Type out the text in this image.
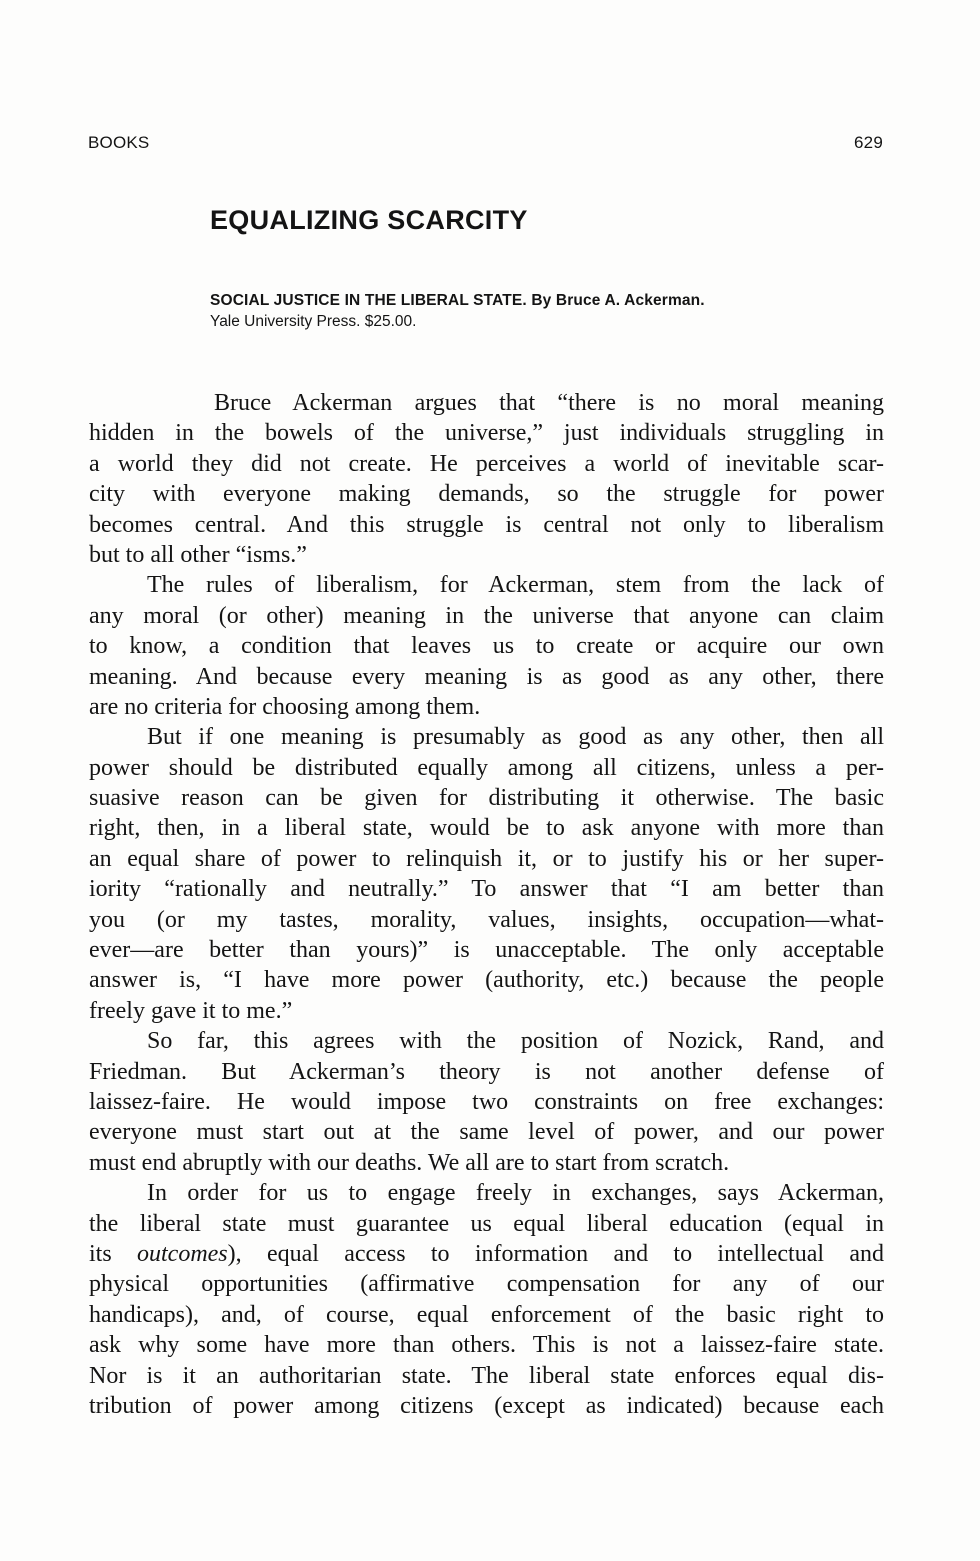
BOOKS	629
EQUALIZING SCARCITY
SOCIAL JUSTICE IN THE LIBERAL STATE. By Bruce A. Ackerman.
Yale University Press. $25.00.
Bruce Ackerman argues that “there is no moral meaning
hidden in the bowels of the universe,” just individuals struggling in
a world they did not create. He perceives a world of inevitable scar-
city with everyone making demands, so the struggle for power
becomes central. And this struggle is central not only to liberalism
but to all other “isms.”
The rules of liberalism, for Ackerman, stem from the lack of
any moral (or other) meaning in the universe that anyone can claim
to know, a condition that leaves us to create or acquire our own
meaning. And because every meaning is as good as any other, there
are no criteria for choosing among them.
But if one meaning is presumably as good as any other, then all
power should be distributed equally among all citizens, unless a per-
suasive reason can be given for distributing it otherwise. The basic
right, then, in a liberal state, would be to ask anyone with more than
an equal share of power to relinquish it, or to justify his or her super-
iority “rationally and neutrally.” To answer that “I am better than
you (or my tastes, morality, values, insights, occupation—what-
ever—are better than yours)” is unacceptable. The only acceptable
answer is, “I have more power (authority, etc.) because the people
freely gave it to me.”
So far, this agrees with the position of Nozick, Rand, and
Friedman. But Ackerman’s theory is not another defense of
laissez-faire. He would impose two constraints on free exchanges:
everyone must start out at the same level of power, and our power
must end abruptly with our deaths. We all are to start from scratch.
In order for us to engage freely in exchanges, says Ackerman,
the liberal state must guarantee us equal liberal education (equal in
its outcomes), equal access to information and to intellectual and
physical opportunities (affirmative compensation for any of our
handicaps), and, of course, equal enforcement of the basic right to
ask why some have more than others. This is not a laissez-faire state.
Nor is it an authoritarian state. The liberal state enforces equal dis-
tribution of power among citizens (except as indicated) because each
